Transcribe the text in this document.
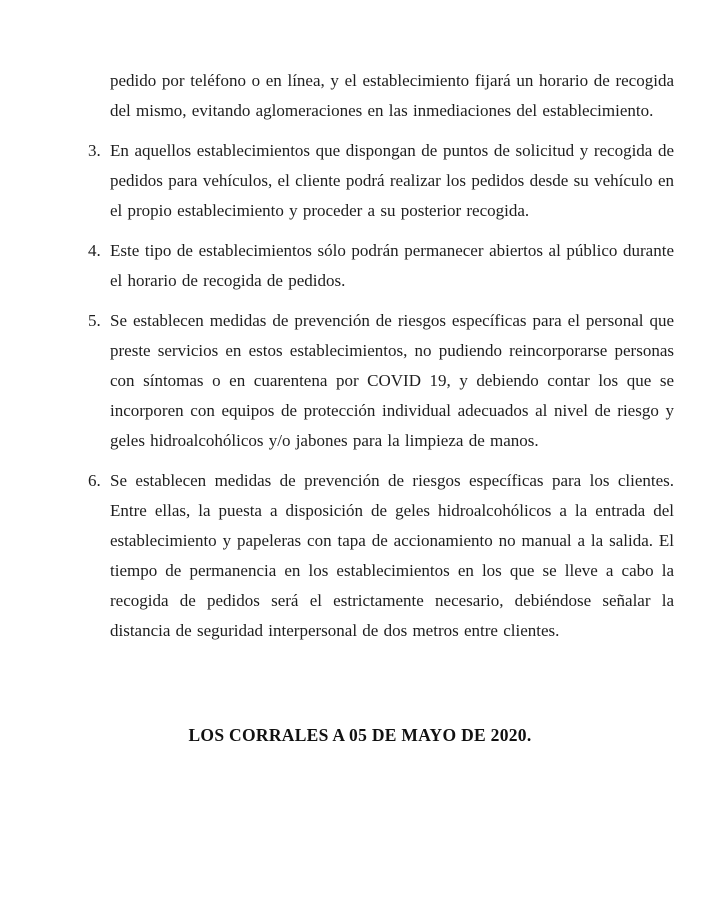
pedido por teléfono o en línea, y el establecimiento fijará un horario de recogida del mismo, evitando aglomeraciones en las inmediaciones del establecimiento.

3. En aquellos establecimientos que dispongan de puntos de solicitud y recogida de pedidos para vehículos, el cliente podrá realizar los pedidos desde su vehículo en el propio establecimiento y proceder a su posterior recogida.

4. Este tipo de establecimientos sólo podrán permanecer abiertos al público durante el horario de recogida de pedidos.

5. Se establecen medidas de prevención de riesgos específicas para el personal que preste servicios en estos establecimientos, no pudiendo reincorporarse personas con síntomas o en cuarentena por COVID 19, y debiendo contar los que se incorporen con equipos de protección individual adecuados al nivel de riesgo y geles hidroalcohólicos y/o jabones para la limpieza de manos.

6. Se establecen medidas de prevención de riesgos específicas para los clientes. Entre ellas, la puesta a disposición de geles hidroalcohólicos a la entrada del establecimiento y papeleras con tapa de accionamiento no manual a la salida. El tiempo de permanencia en los establecimientos en los que se lleve a cabo la recogida de pedidos será el estrictamente necesario, debiéndose señalar la distancia de seguridad interpersonal de dos metros entre clientes.

LOS CORRALES A 05 DE MAYO DE 2020.
